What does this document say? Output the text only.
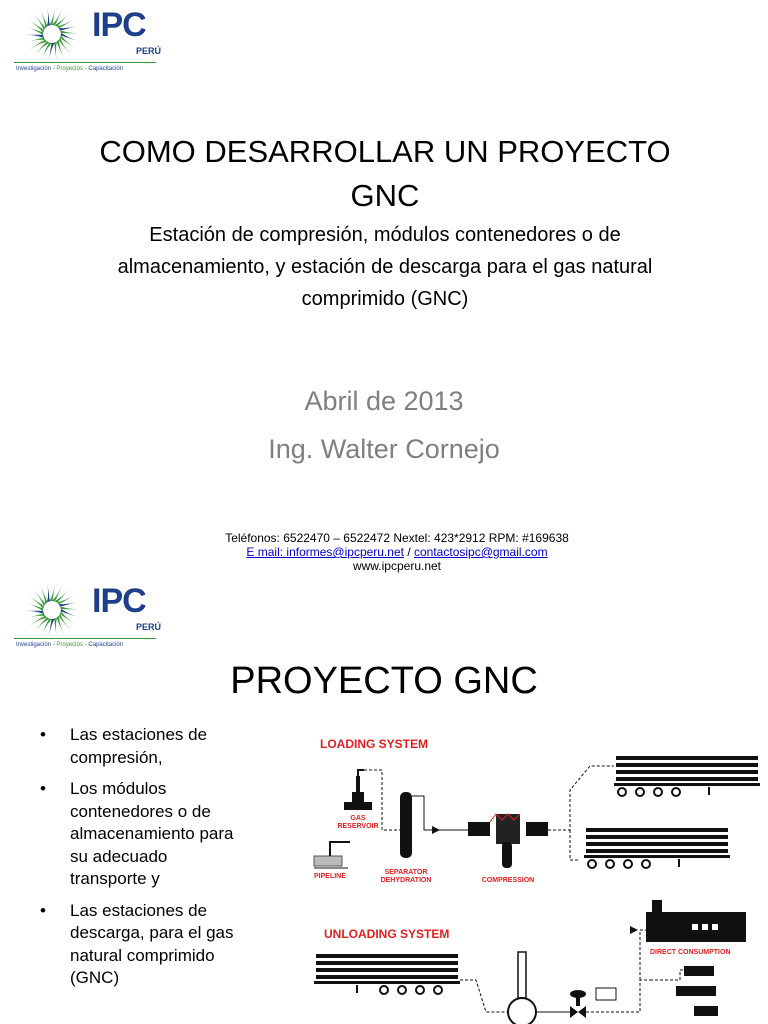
IPC
PERÚ
Investigación - Proyectos - Capacitación
COMO DESARROLLAR UN PROYECTO
GNC
Estación de compresión, módulos contenedores o de
almacenamiento, y estación de descarga para el gas natural
comprimido (GNC)
Abril de 2013
Ing. Walter Cornejo
Teléfonos: 6522470 – 6522472 Nextel: 423*2912 RPM: #169638
E mail: informes@ipcperu.net / contactosipc@gmail.com
www.ipcperu.net
IPC
PERÚ
Investigación - Proyectos - Capacitación
PROYECTO GNC
• Las estaciones de
compresión,
• Los módulos
contenedores o de
almacenamiento para
su adecuado
transporte y
• Las estaciones de
descarga, para el gas
natural comprimido
(GNC)
LOADING SYSTEM
GAS
RESERVOIR
PIPELINE
SEPARATOR
DEHYDRATION	COMPRESSION
UNLOADING SYSTEM
DIRECT CONSUMPTION
